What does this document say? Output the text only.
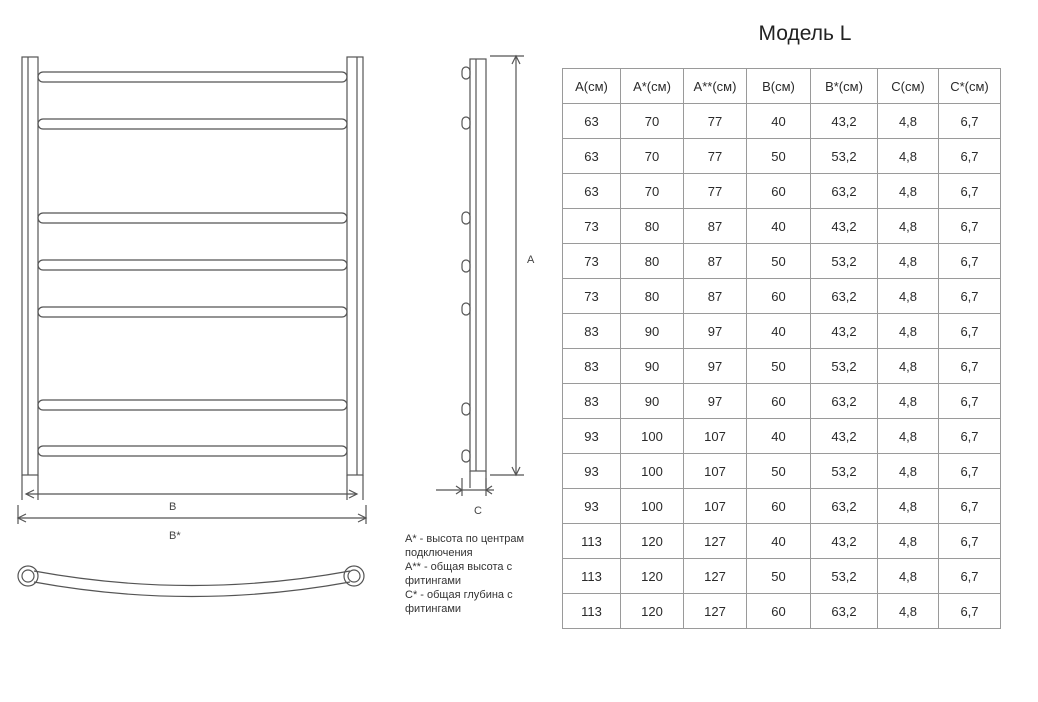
B
B*
A
C
Модель L
А(см)	А*(см)	А**(см)	В(см)	В*(см)	С(см)	С*(см)
63	70	77	40	43,2	4,8	6,7
63	70	77	50	53,2	4,8	6,7
63	70	77	60	63,2	4,8	6,7
73	80	87	40	43,2	4,8	6,7
73	80	87	50	53,2	4,8	6,7
73	80	87	60	63,2	4,8	6,7
83	90	97	40	43,2	4,8	6,7
83	90	97	50	53,2	4,8	6,7
83	90	97	60	63,2	4,8	6,7
93	100	107	40	43,2	4,8	6,7
93	100	107	50	53,2	4,8	6,7
93	100	107	60	63,2	4,8	6,7
113	120	127	40	43,2	4,8	6,7
113	120	127	50	53,2	4,8	6,7
113	120	127	60	63,2	4,8	6,7

A* - высота по центрам подключения

A** - общая высота с фитингами

C* - общая глубина с фитингами
